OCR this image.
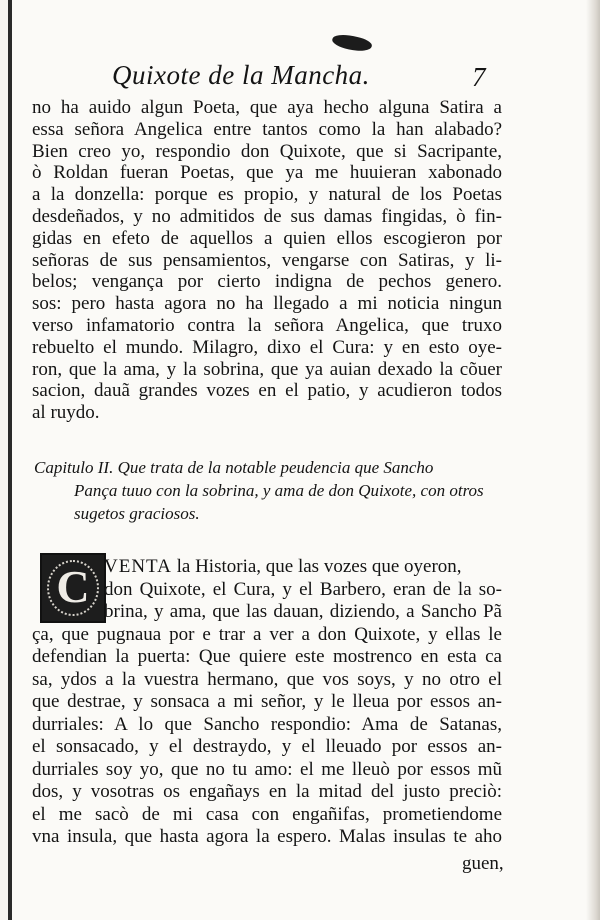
Quixote de la Mancha.	7
no ha auido algun Poeta, que aya hecho alguna Satira a
essa señora Angelica entre tantos como la han alabado?
Bien creo yo, respondio don Quixote, que si Sacripante,
ò Roldan fueran Poetas, que ya me huuieran xabonado
a la donzella: porque es propio, y natural de los Poetas
desdeñados, y no admitidos de sus damas fingidas, ò fin-
gidas en efeto de aquellos a quien ellos escogieron por
señoras de sus pensamientos, vengarse con Satiras, y li-
belos; vengança por cierto indigna de pechos genero.
sos: pero hasta agora no ha llegado a mi noticia ningun
verso infamatorio contra la señora Angelica, que truxo
rebuelto el mundo. Milagro, dixo el Cura: y en esto oye-
ron, que la ama, y la sobrina, que ya auian dexado la cõuer
sacion, dauã grandes vozes en el patio, y acudieron todos
al ruydo.
Capitulo II. Que trata de la notable peudencia que Sancho
Pança tuuo con la sobrina, y ama de don Quixote, con otros
sugetos graciosos.
C VENTA la Historia, que las vozes que oyeron,
don Quixote, el Cura, y el Barbero, eran de la so-
brina, y ama, que las dauan, diziendo, a Sancho Pã
ça, que pugnaua por e trar a ver a don Quixote, y ellas le
defendian la puerta: Que quiere este mostrenco en esta ca
sa, ydos a la vuestra hermano, que vos soys, y no otro el
que destrae, y sonsaca a mi señor, y le lleua por essos an-
durriales: A lo que Sancho respondio: Ama de Satanas,
el sonsacado, y el destraydo, y el lleuado por essos an-
durriales soy yo, que no tu amo: el me lleuò por essos mũ
dos, y vosotras os engañays en la mitad del justo preciò:
el me sacò de mi casa con engañifas, prometiendome
vna insula, que hasta agora la espero. Malas insulas te aho
guen,
